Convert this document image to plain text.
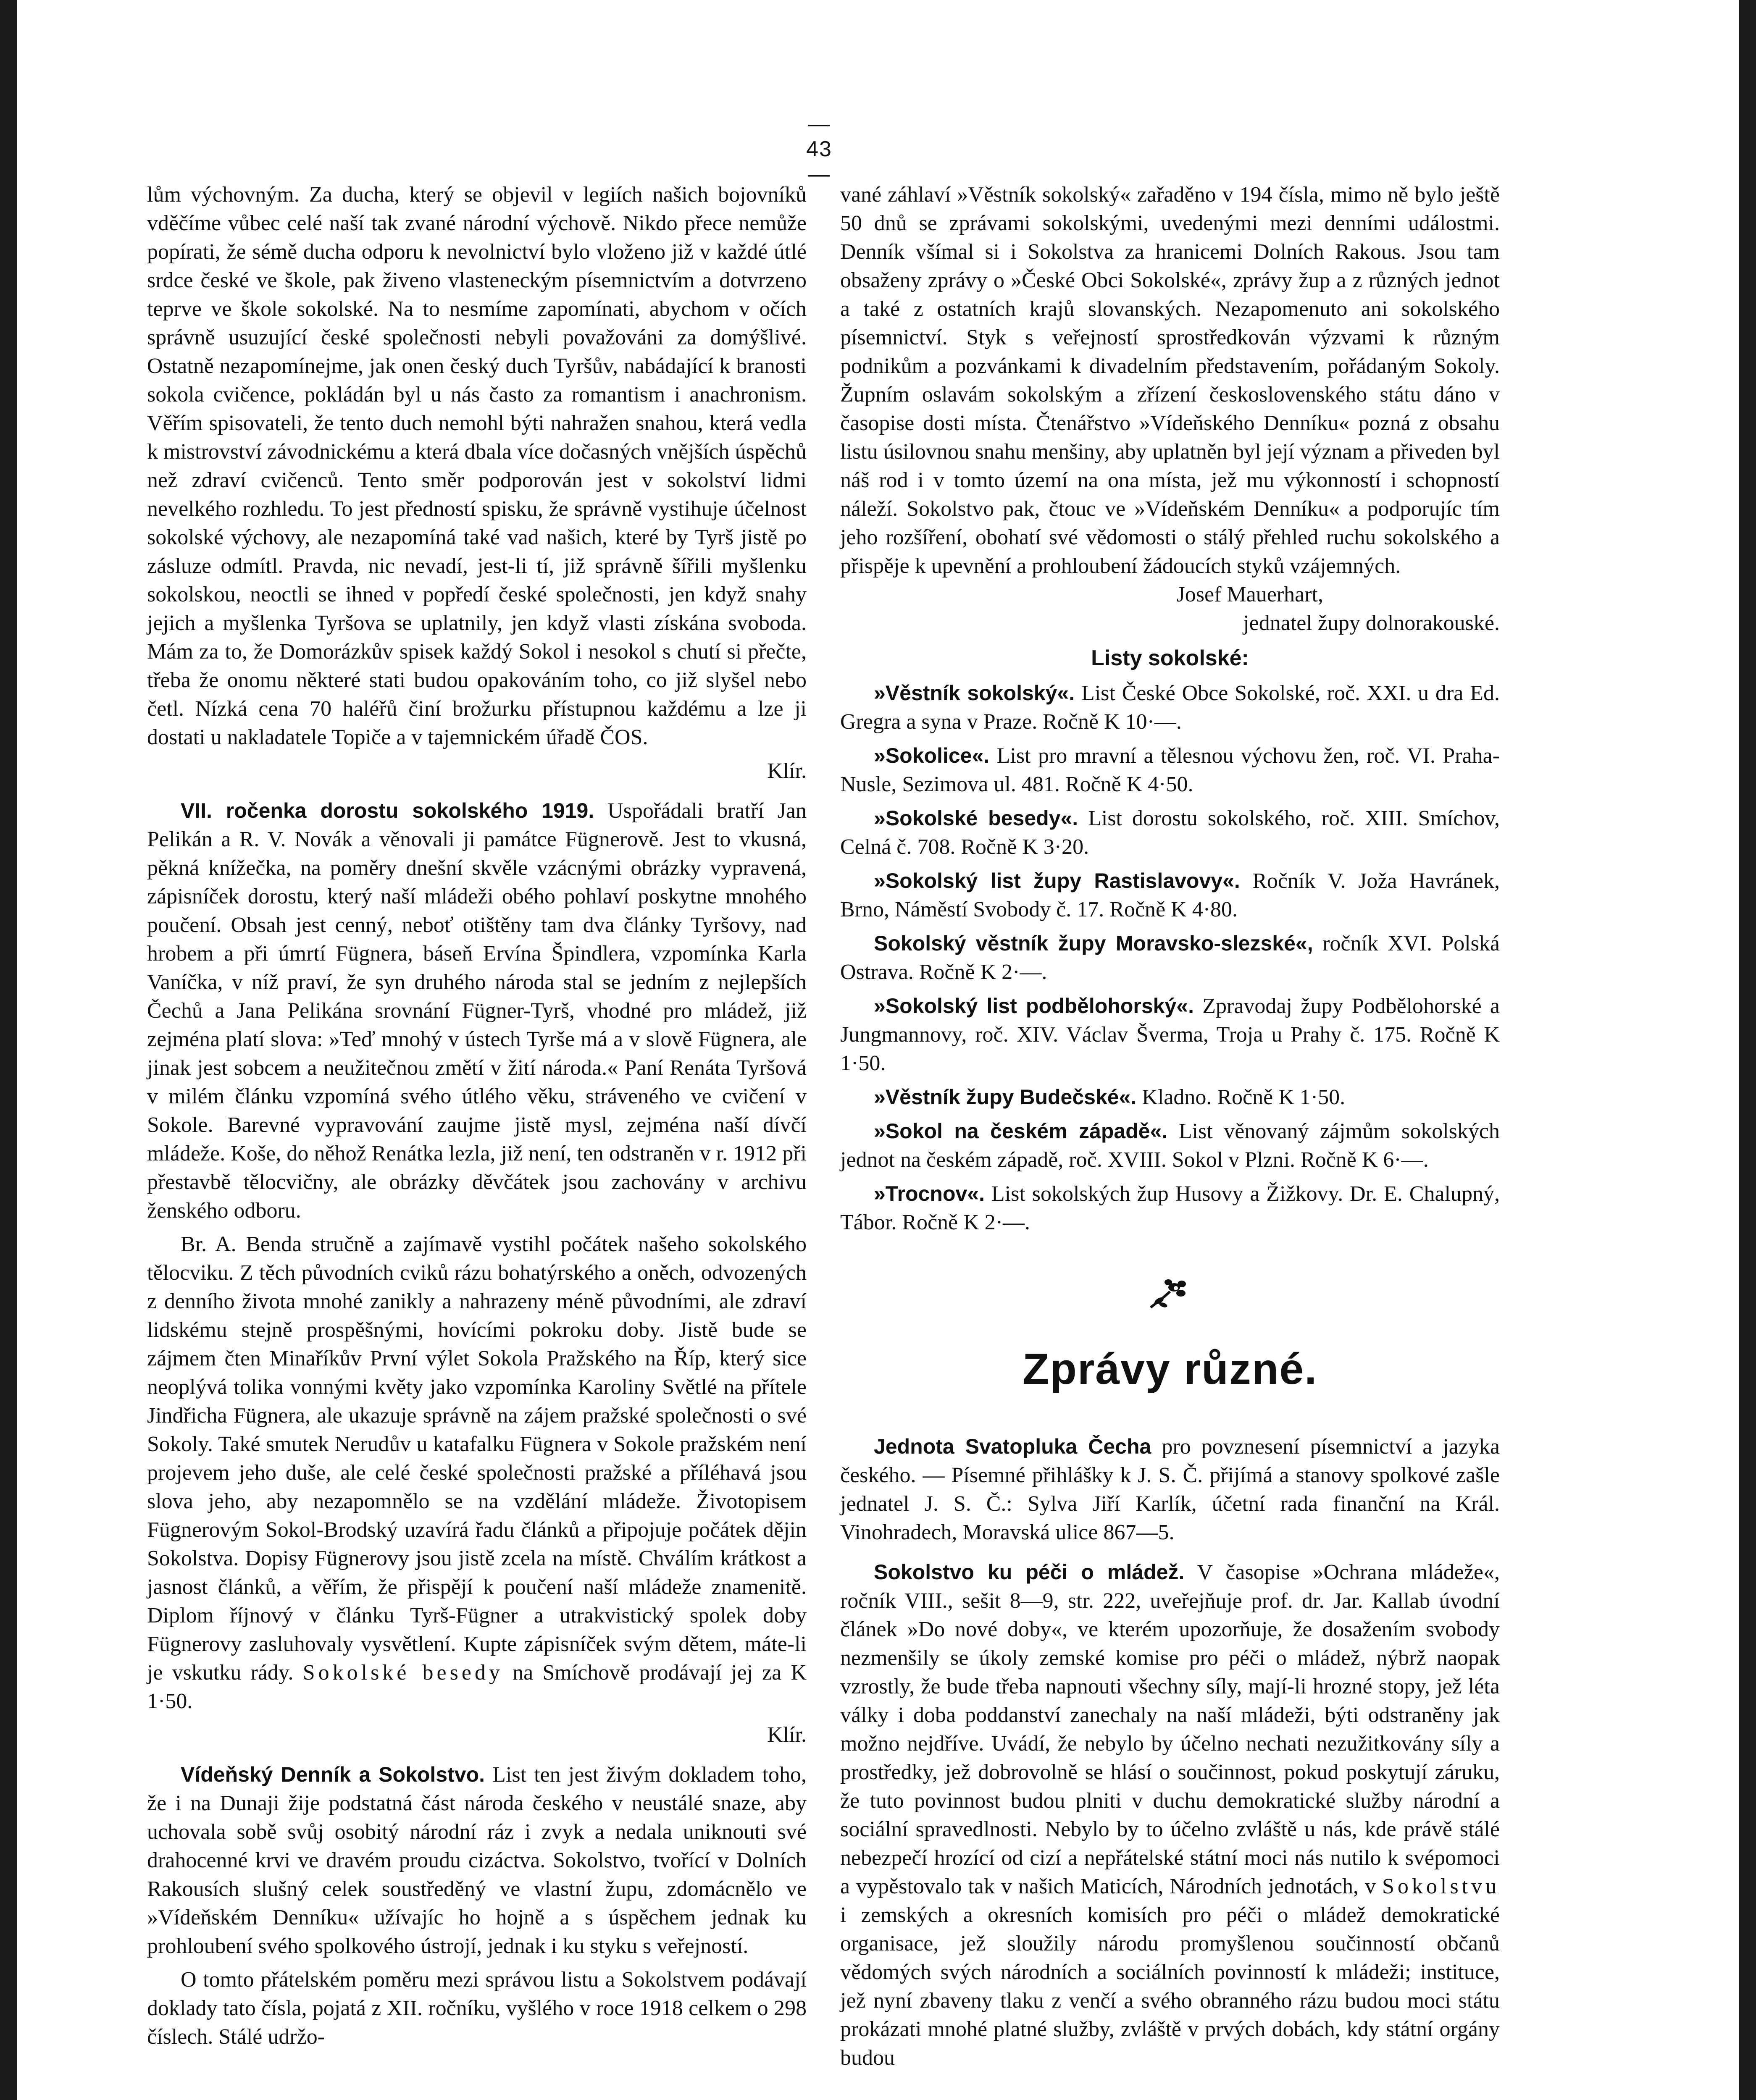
— 43 —

lům výchovným. Za ducha, který se objevil v legiích našich bojovníků vděčíme vůbec celé naší tak zvané národní výchově. Nikdo přece nemůže popírati, že sémě ducha odporu k nevolnictví bylo vloženo již v každé útlé srdce české ve škole, pak živeno vlasteneckým písemnictvím a dotvrzeno teprve ve škole sokolské. Na to nesmíme zapomínati, abychom v očích správně usuzující české společnosti nebyli považováni za domýšlivé. Ostatně nezapomínejme, jak onen český duch Tyršův, nabádající k branosti sokola cvičence, pokládán byl u nás často za romantism i anachronism. Věřím spisovateli, že tento duch nemohl býti nahražen snahou, která vedla k mistrovství závodnickému a která dbala více dočasných vnějších úspěchů než zdraví cvičenců. Tento směr podporován jest v sokolství lidmi nevelkého rozhledu. To jest předností spisku, že správně vystihuje účelnost sokolské výchovy, ale nezapomíná také vad našich, které by Tyrš jistě po zásluze odmítl. Pravda, nic nevadí, jest-li tí, již správně šířili myšlenku sokolskou, neoctli se ihned v popředí české společnosti, jen když snahy jejich a myšlenka Tyršova se uplatnily, jen když vlasti získána svoboda. Mám za to, že Domorázkův spisek každý Sokol i nesokol s chutí si přečte, třeba že onomu některé stati budou opakováním toho, co již slyšel nebo četl. Nízká cena 70 haléřů činí brožurku přístupnou každému a lze ji dostati u nakladatele Topiče a v tajemnickém úřadě ČOS.

Klír.

VII. ročenka dorostu sokolského 1919. Uspořádali bratří Jan Pelikán a R. V. Novák a věnovali ji památce Fügnerově. Jest to vkusná, pěkná knížečka, na poměry dnešní skvěle vzácnými obrázky vypravená, zápisníček dorostu, který naší mládeži obého pohlaví poskytne mnohého poučení. Obsah jest cenný, neboť otištěny tam dva články Tyršovy, nad hrobem a při úmrtí Fügnera, báseň Ervína Špindlera, vzpomínka Karla Vaníčka, v níž praví, že syn druhého národa stal se jedním z nejlepších Čechů a Jana Pelikána srovnání Fügner-Tyrš, vhodné pro mládež, již zejména platí slova: »Teď mnohý v ústech Tyrše má a v slově Fügnera, ale jinak jest sobcem a neužitečnou změtí v žití národa.« Paní Renáta Tyršová v milém článku vzpomíná svého útlého věku, stráveného ve cvičení v Sokole. Barevné vypravování zaujme jistě mysl, zejména naší dívčí mládeže. Koše, do něhož Renátka lezla, již není, ten odstraněn v r. 1912 při přestavbě tělocvičny, ale obrázky děvčátek jsou zachovány v archivu ženského odboru.

Br. A. Benda stručně a zajímavě vystihl počátek našeho sokolského tělocviku. Z těch původních cviků rázu bohatýrského a oněch, odvozených z denního života mnohé zanikly a nahrazeny méně původními, ale zdraví lidskému stejně prospěšnými, hovícími pokroku doby. Jistě bude se zájmem čten Minaříkův První výlet Sokola Pražského na Říp, který sice neoplývá tolika vonnými květy jako vzpomínka Karoliny Světlé na přítele Jindřicha Fügnera, ale ukazuje správně na zájem pražské společnosti o své Sokoly. Také smutek Nerudův u katafalku Fügnera v Sokole pražském není projevem jeho duše, ale celé české společnosti pražské a příléhavá jsou slova jeho, aby nezapomnělo se na vzdělání mládeže. Životopisem Fügnerovým Sokol-Brodský uzavírá řadu článků a připojuje počátek dějin Sokolstva. Dopisy Fügnerovy jsou jistě zcela na místě. Chválím krátkost a jasnost článků, a věřím, že přispějí k poučení naší mládeže znamenitě. Diplom říjnový v článku Tyrš-Fügner a utrakvistický spolek doby Fügnerovy zasluhovaly vysvětlení. Kupte zápisníček svým dětem, máte-li je vskutku rády. Sokolské besedy na Smíchově prodávají jej za K 1·50.

Klír.

Vídeňský Denník a Sokolstvo. List ten jest živým dokladem toho, že i na Dunaji žije podstatná část národa českého v neustálé snaze, aby uchovala sobě svůj osobitý národní ráz i zvyk a nedala uniknouti své drahocenné krvi ve dravém proudu cizáctva. Sokolstvo, tvořící v Dolních Rakousích slušný celek soustředěný ve vlastní župu, zdomácnělo ve »Vídeňském Denníku« užívajíc ho hojně a s úspěchem jednak ku prohloubení svého spolkového ústrojí, jednak i ku styku s veřejností.

O tomto přátelském poměru mezi správou listu a Sokolstvem podávají doklady tato čísla, pojatá z XII. ročníku, vyšlého v roce 1918 celkem o 298 číslech. Stálé udržo-

vané záhlaví »Věstník sokolský« zařaděno v 194 čísla, mimo ně bylo ještě 50 dnů se zprávami sokolskými, uvedenými mezi denními událostmi. Denník všímal si i Sokolstva za hranicemi Dolních Rakous. Jsou tam obsaženy zprávy o »České Obci Sokolské«, zprávy žup a z různých jednot a také z ostatních krajů slovanských. Nezapomenuto ani sokolského písemnictví. Styk s veřejností sprostředkován výzvami k různým podnikům a pozvánkami k divadelním představením, pořádaným Sokoly. Župním oslavám sokolským a zřízení československého státu dáno v časopise dosti místa. Čtenářstvo »Vídeňského Denníku« pozná z obsahu listu úsilovnou snahu menšiny, aby uplatněn byl její význam a přiveden byl náš rod i v tomto území na ona místa, jež mu výkonností i schopností náleží. Sokolstvo pak, čtouc ve »Vídeňském Denníku« a podporujíc tím jeho rozšíření, obohatí své vědomosti o stálý přehled ruchu sokolského a přispěje k upevnění a prohloubení žádoucích styků vzájemných.

Josef Mauerhart,
jednatel župy dolnorakouské.
Listy sokolské:

»Věstník sokolský«. List České Obce Sokolské, roč. XXI. u dra Ed. Gregra a syna v Praze. Ročně K 10·—.

»Sokolice«. List pro mravní a tělesnou výchovu žen, roč. VI. Praha-Nusle, Sezimova ul. 481. Ročně K 4·50.

»Sokolské besedy«. List dorostu sokolského, roč. XIII. Smíchov, Celná č. 708. Ročně K 3·20.

»Sokolský list župy Rastislavovy«. Ročník V. Joža Havránek, Brno, Náměstí Svobody č. 17. Ročně K 4·80.

Sokolský věstník župy Moravsko-slezské«, ročník XVI. Polská Ostrava. Ročně K 2·—.

»Sokolský list podbělohorský«. Zpravodaj župy Podbělohorské a Jungmannovy, roč. XIV. Václav Šverma, Troja u Prahy č. 175. Ročně K 1·50.

»Věstník župy Budečské«. Kladno. Ročně K 1·50.

»Sokol na českém západě«. List věnovaný zájmům sokolských jednot na českém západě, roč. XVIII. Sokol v Plzni. Ročně K 6·—.

»Trocnov«. List sokolských žup Husovy a Žižkovy. Dr. E. Chalupný, Tábor. Ročně K 2·—.

Zprávy různé.

Jednota Svatopluka Čecha pro povznesení písemnictví a jazyka českého. — Písemné přihlášky k J. S. Č. přijímá a stanovy spolkové zašle jednatel J. S. Č.: Sylva Jiří Karlík, účetní rada finanční na Král. Vinohradech, Moravská ulice 867—5.

Sokolstvo ku péči o mládež. V časopise »Ochrana mládeže«, ročník VIII., sešit 8—9, str. 222, uveřejňuje prof. dr. Jar. Kallab úvodní článek »Do nové doby«, ve kterém upozorňuje, že dosažením svobody nezmenšily se úkoly zemské komise pro péči o mládež, nýbrž naopak vzrostly, že bude třeba napnouti všechny síly, mají-li hrozné stopy, jež léta války i doba poddanství zanechaly na naší mládeži, býti odstraněny jak možno nejdříve. Uvádí, že nebylo by účelno nechati nezužitkovány síly a prostředky, jež dobrovolně se hlásí o součinnost, pokud poskytují záruku, že tuto povinnost budou plniti v duchu demokratické služby národní a sociální spravedlnosti. Nebylo by to účelno zvláště u nás, kde právě stálé nebezpečí hrozící od cizí a nepřátelské státní moci nás nutilo k svépomoci a vypěstovalo tak v našich Maticích, Národních jednotách, v Sokolstvu i zemských a okresních komisích pro péči o mládež demokratické organisace, jež sloužily národu promyšlenou součinností občanů vědomých svých národních a sociálních povinností k mládeži; instituce, jež nyní zbaveny tlaku z venčí a svého obranného rázu budou moci státu prokázati mnohé platné služby, zvláště v prvých dobách, kdy státní orgány budou
